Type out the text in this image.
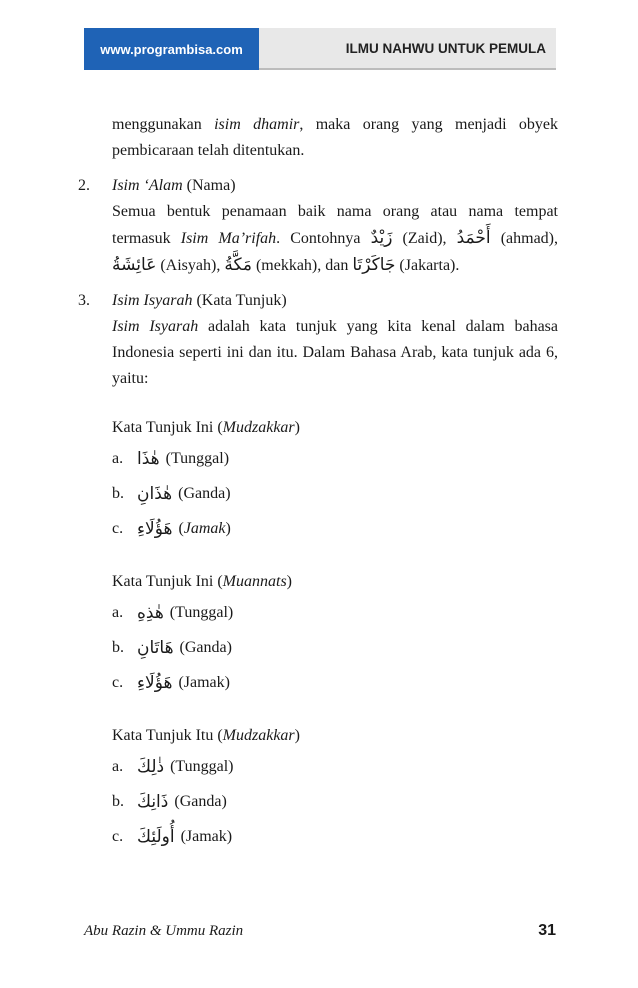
www.programbisa.com	ILMU NAHWU UNTUK PEMULA

menggunakan isim dhamir, maka orang yang menjadi obyek pembicaraan telah ditentukan.

2. Isim ‘Alam (Nama)

Semua bentuk penamaan baik nama orang atau nama tempat termasuk Isim Ma’rifah. Contohnya زَيْدٌ (Zaid), أَحْمَدُ (ahmad), عَائِشَةُ (Aisyah), مَكَّةُ (mekkah), dan جَاكَرْتَا (Jakarta).

3. Isim Isyarah (Kata Tunjuk)

Isim Isyarah adalah kata tunjuk yang kita kenal dalam bahasa Indonesia seperti ini dan itu. Dalam Bahasa Arab, kata tunjuk ada 6, yaitu:

Kata Tunjuk Ini (Mudzakkar)

a. هٰذَا ( Tunggal )
b. هٰذَانِ ( Ganda )
c. هَؤُلَاءِ ( Jamak )

Kata Tunjuk Ini (Muannats)

a. هٰذِهِ ( Tunggal )
b. هَاتَانِ ( Ganda )
c. هَؤُلَاءِ ( Jamak )

Kata Tunjuk Itu (Mudzakkar)

a. ذٰلِكَ ( Tunggal )
b. ذَانِكَ ( Ganda )
c. أُولَئِكَ ( Jamak )
Abu Razin & Ummu Razin	31
